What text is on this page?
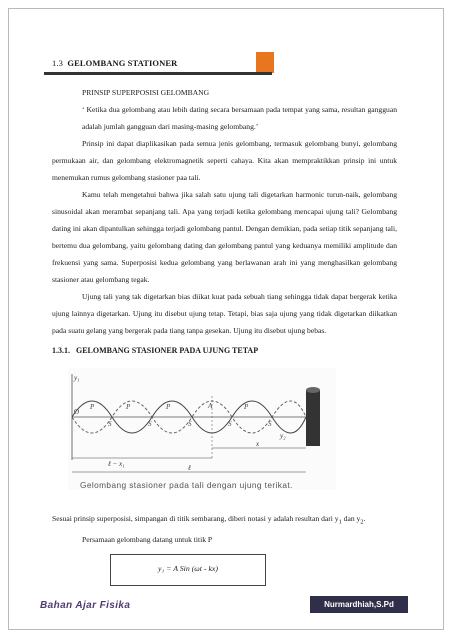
1.3 GELOMBANG STATIONER

PRINSIP SUPERPOSISI GELOMBANG

‘ Ketika dua gelombang atau lebih dating secara bersamaan pada tempat yang sama, resultan gangguan adalah jumlah gangguan dari masing-masing gelombang.’

Prinsip ini dapat diaplikasikan pada semua jenis gelombang, termasuk gelombang bunyi, gelombang permukaan air, dan gelombang elektromagnetik seperti cahaya. Kita akan mempraktikkan prinsip ini untuk menemukan rumus gelombang stasioner paa tali.

Kamu telah mengetahui bahwa jika salah satu ujung tali digetarkan harmonic turun-naik, gelombang sinusoidal akan merambat sepanjang tali. Apa yang terjadi ketika gelombang mencapai ujung tali? Gelombang dating ini akan dipantulkan sehingga terjadi gelombang pantul. Dengan demikian, pada setiap titik sepanjang tali, bertemu dua gelombang, yaitu gelombang dating dan gelombang pantul yang keduanya memiliki amplitude dan frekuensi yang sama. Superposisi kedua gelombang yang berlawanan arah ini yang menghasilkan gelombang stasioner atau gelombang tegak.

Ujung tali yang tak digetarkan bias diikat kuat pada sebuah tiang sehingga tidak dapat bergerak ketika ujung lainnya digetarkan. Ujung itu disebut ujung tetap. Tetapi, bias saja ujung yang tidak digetarkan diikatkan pada suatu gelang yang bergerak pada tiang tanpa gesekan. Ujung itu disebut ujung bebas.

1.3.1. GELOMBANG STASIONER PADA UJUNG TETAP
y₁
O
P	P	P	A	P
S	S	S	S	S
y₂
x
ℓ
ℓ − x₁
Gelombang stasioner pada tali dengan ujung terikat.

Sesuai prinsip superposisi, simpangan di titik sembarang, diberi notasi y adalah resultan dari $y_1$ dan $y_2$.

Persamaan gelombang datang untuk titik P

y₁ = A Sin (ωt - kx)
Bahan Ajar Fisika	Nurmardhiah,S.Pd
